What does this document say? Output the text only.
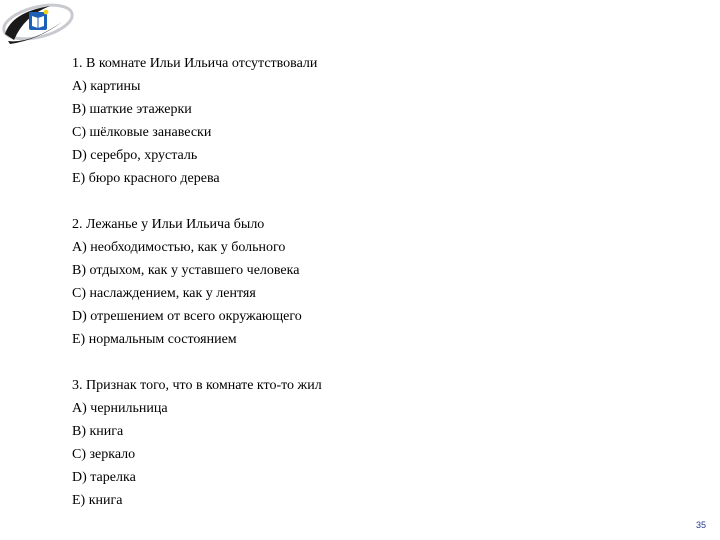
1. В комнате Ильи Ильича отсутствовали
A) картины
B) шаткие этажерки
C) шёлковые занавески
D) серебро, хрусталь
E) бюро красного дерева
2. Лежанье у Ильи Ильича было
A) необходимостью, как у больного
B) отдыхом, как у уставшего человека
C) наслаждением, как у лентяя
D) отрешением от всего окружающего
E) нормальным состоянием
3. Признак того, что в комнате кто-то жил
A) чернильница
B) книга
C) зеркало
D) тарелка
E) книга
35
